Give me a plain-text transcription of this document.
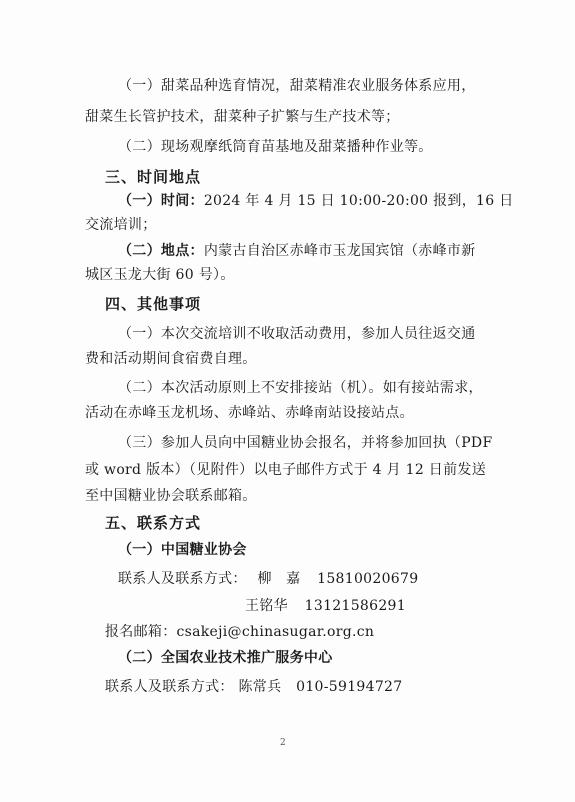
（一）甜菜品种选育情况，甜菜精准农业服务体系应用，
甜菜生长管护技术，甜菜种子扩繁与生产技术等；
（二）现场观摩纸筒育苗基地及甜菜播种作业等。
三、时间地点
（一）时间：2024 年 4 月 15 日 10:00-20:00 报到，16 日
交流培训；
（二）地点：内蒙古自治区赤峰市玉龙国宾馆（赤峰市新
城区玉龙大街 60 号）。
四、其他事项
（一）本次交流培训不收取活动费用，参加人员往返交通
费和活动期间食宿费自理。
（二）本次活动原则上不安排接站（机）。如有接站需求，
活动在赤峰玉龙机场、赤峰站、赤峰南站设接站点。
（三）参加人员向中国糖业协会报名，并将参加回执（PDF
或 word 版本）（见附件）以电子邮件方式于 4 月 12 日前发送
至中国糖业协会联系邮箱。
五、联系方式
（一）中国糖业协会
联系人及联系方式： 柳　嘉 15810020679
王铭华 13121586291
报名邮箱：csakeji@chinasugar.org.cn
（二）全国农业技术推广服务中心
联系人及联系方式： 陈常兵 010-59194727
2
